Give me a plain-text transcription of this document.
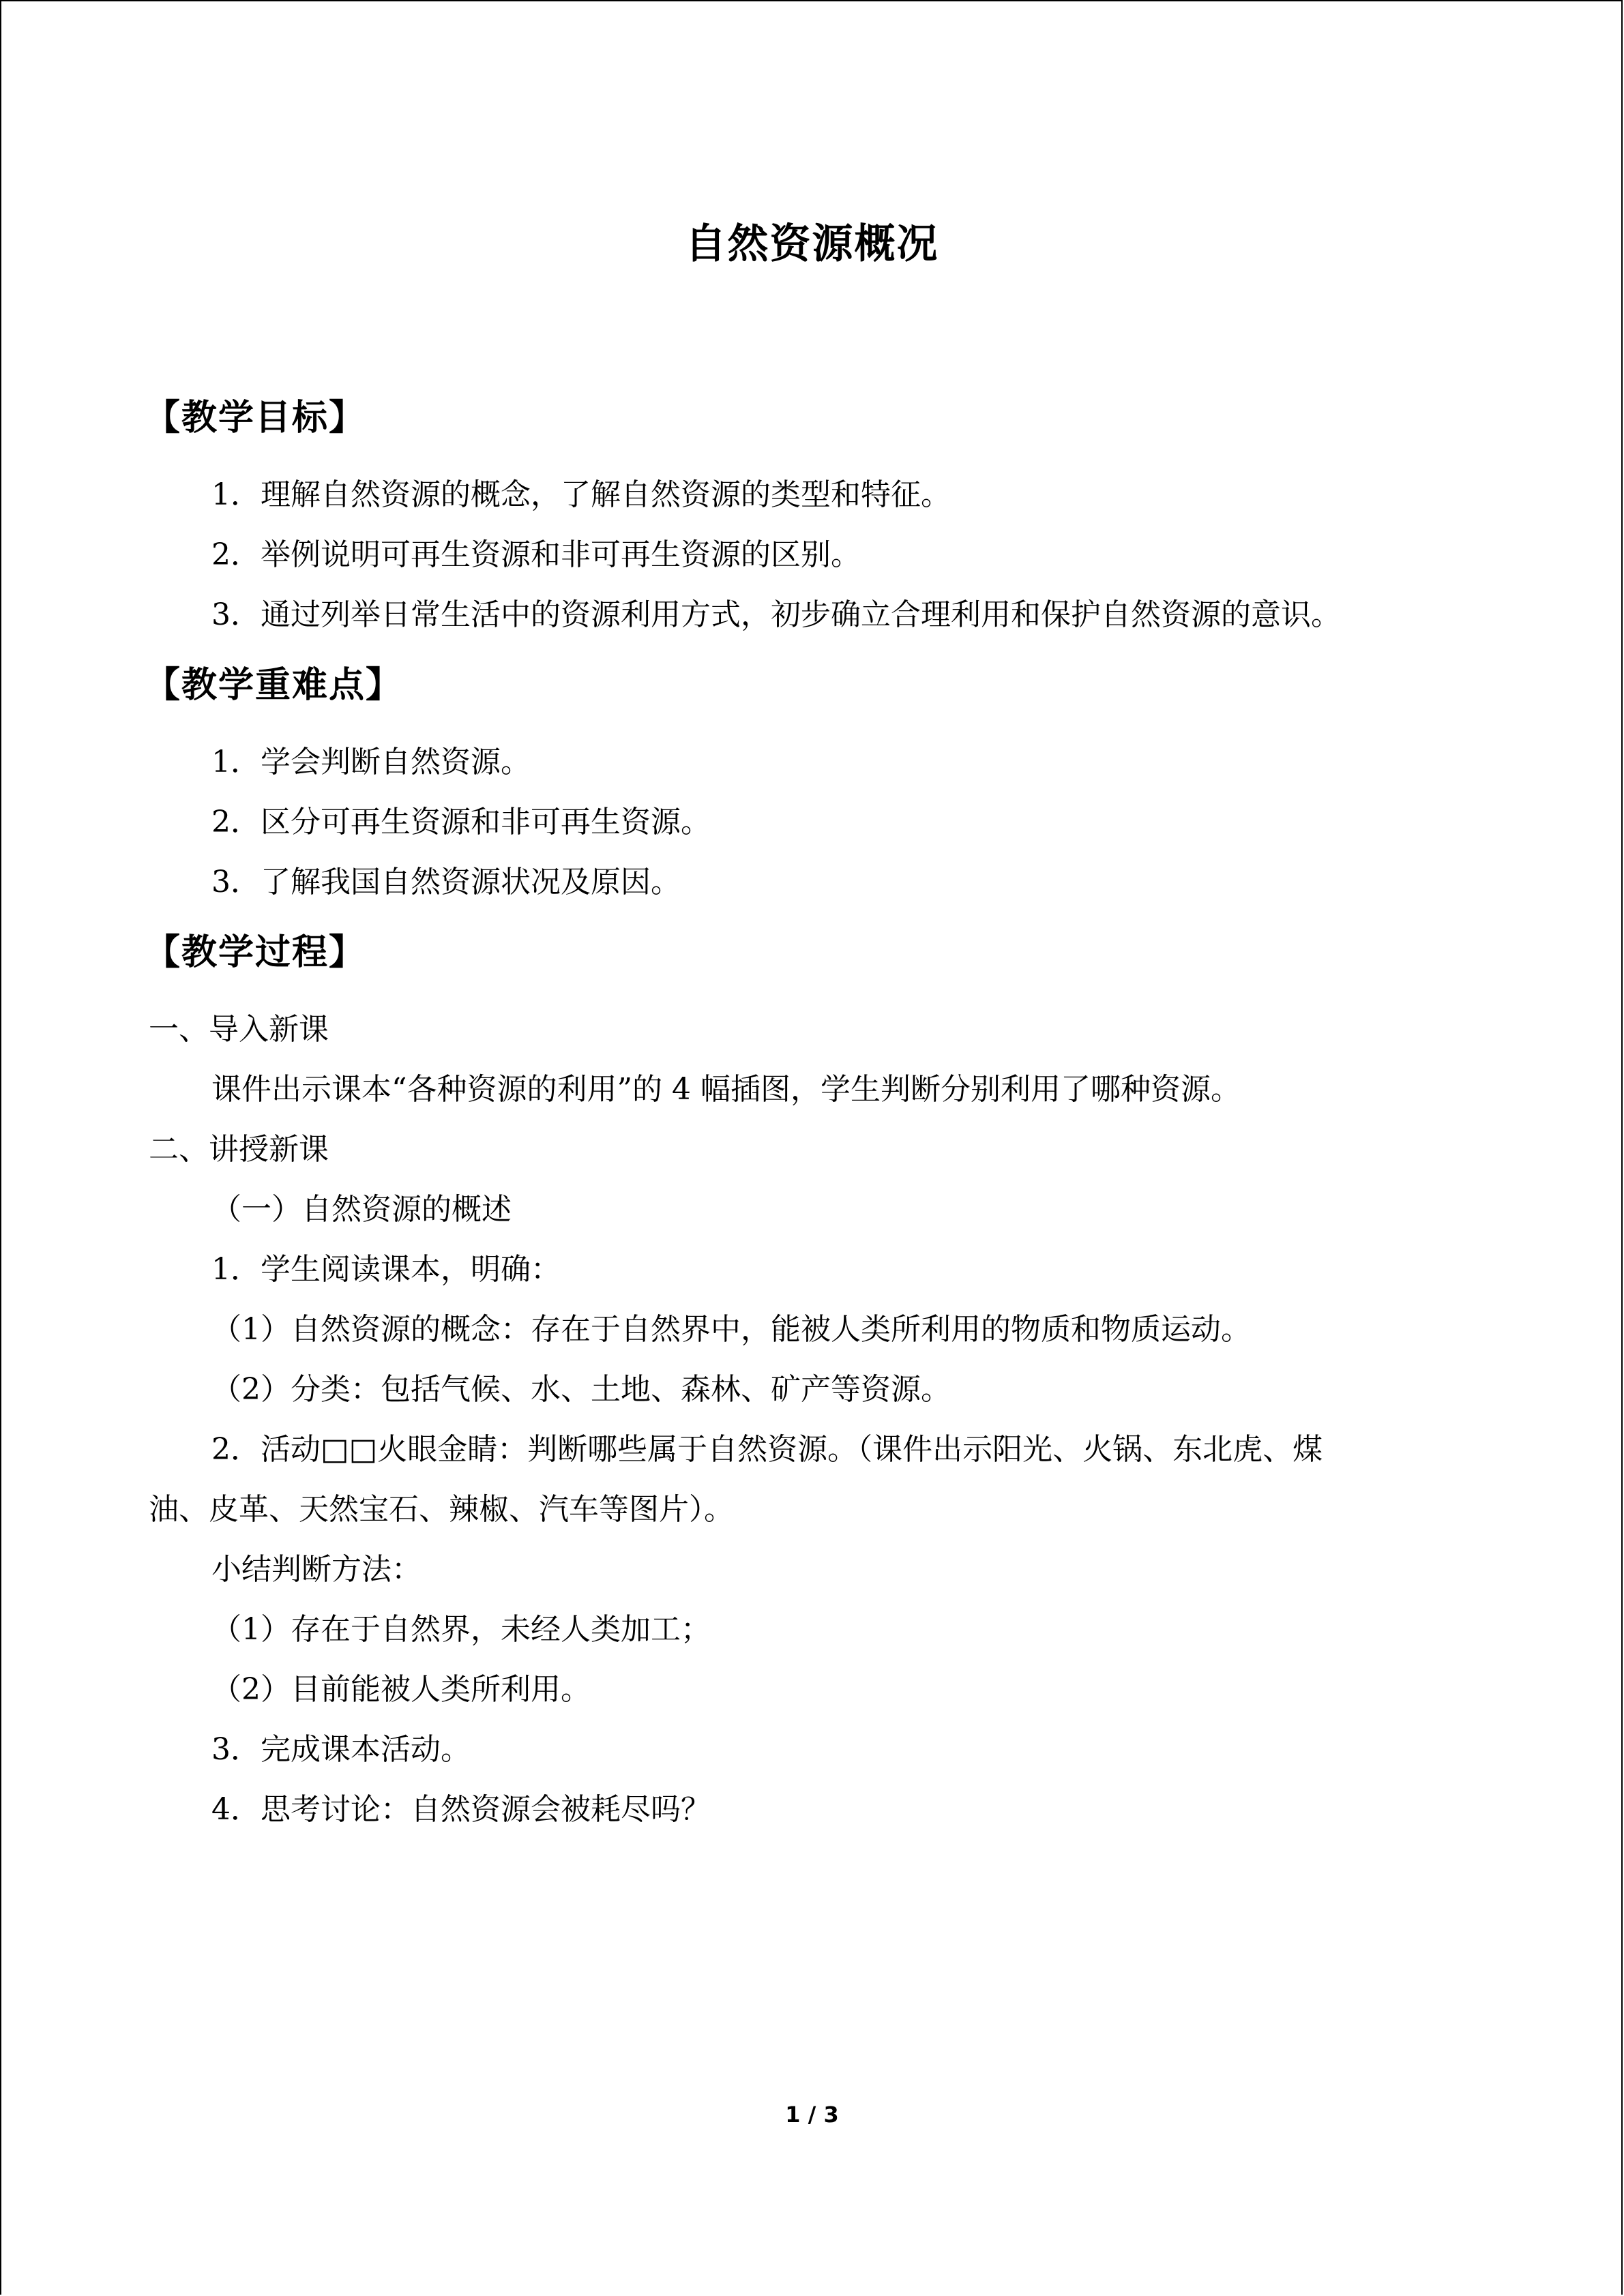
自然资源概况
【教学目标】
1．理解自然资源的概念，了解自然资源的类型和特征。
2．举例说明可再生资源和非可再生资源的区别。
3．通过列举日常生活中的资源利用方式，初步确立合理利用和保护自然资源的意识。
【教学重难点】
1．学会判断自然资源。
2．区分可再生资源和非可再生资源。
3．了解我国自然资源状况及原因。
【教学过程】
一、导入新课
课件出示课本“各种资源的利用”的 4 幅插图，学生判断分别利用了哪种资源。
二、讲授新课
（一）自然资源的概述
1．学生阅读课本，明确：
（1）自然资源的概念：存在于自然界中，能被人类所利用的物质和物质运动。
（2）分类：包括气候、水、土地、森林、矿产等资源。
2．活动□□火眼金睛：判断哪些属于自然资源。（课件出示阳光、火锅、东北虎、煤
油、皮革、天然宝石、辣椒、汽车等图片）。
小结判断方法：
（1）存在于自然界，未经人类加工；
（2）目前能被人类所利用。
3．完成课本活动。
4．思考讨论：自然资源会被耗尽吗？
1 / 3
